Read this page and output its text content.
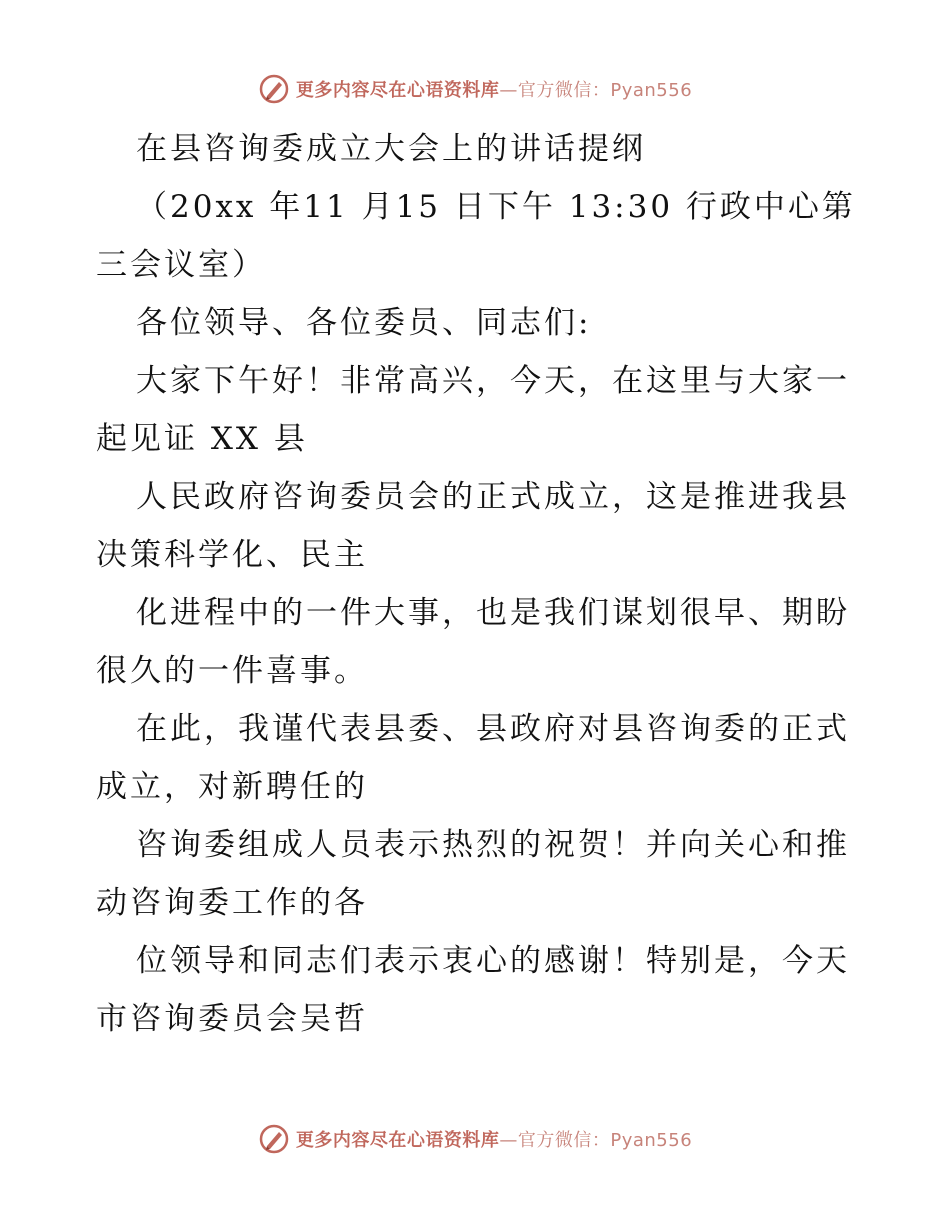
更多内容尽在心语资料库—官方微信：Pyan556

在县咨询委成立大会上的讲话提纲

（20xx 年11 月15 日下午 13:30 行政中心第三会议室）

各位领导、各位委员、同志们:

大家下午好！非常高兴，今天，在这里与大家一起见证 XX 县

人民政府咨询委员会的正式成立，这是推进我县决策科学化、民主

化进程中的一件大事，也是我们谋划很早、期盼很久的一件喜事。

在此，我谨代表县委、县政府对县咨询委的正式成立，对新聘任的

咨询委组成人员表示热烈的祝贺！并向关心和推动咨询委工作的各

位领导和同志们表示衷心的感谢！特别是，今天市咨询委员会吴哲

更多内容尽在心语资料库—官方微信：Pyan556
